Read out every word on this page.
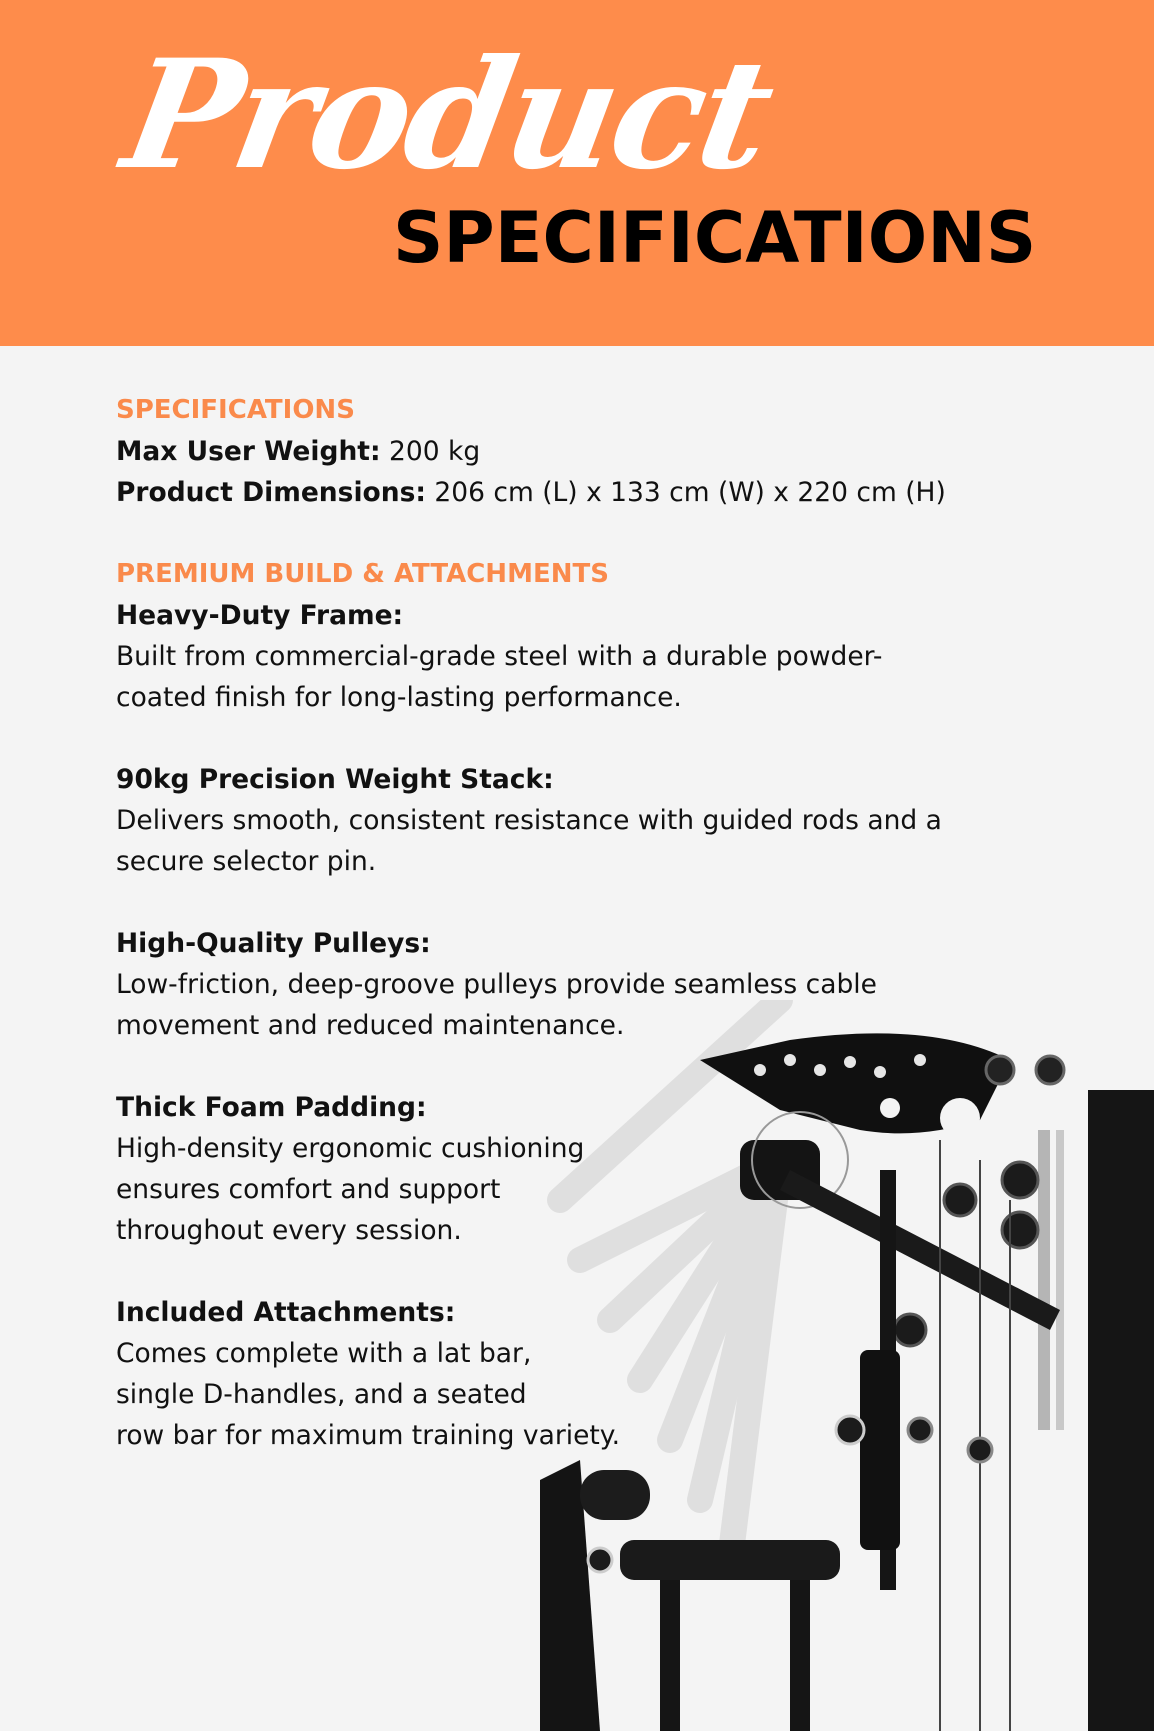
Product
SPECIFICATIONS

SPECIFICATIONS

Max User Weight: 200 kg

Product Dimensions: 206 cm (L) x 133 cm (W) x 220 cm (H)

PREMIUM BUILD & ATTACHMENTS

Heavy-Duty Frame:

Built from commercial-grade steel with a durable powder-

coated finish for long-lasting performance.

90kg Precision Weight Stack:

Delivers smooth, consistent resistance with guided rods and a

secure selector pin.

High-Quality Pulleys:

Low-friction, deep-groove pulleys provide seamless cable

movement and reduced maintenance.

Thick Foam Padding:

High-density ergonomic cushioning

ensures comfort and support

throughout every session.

Included Attachments:

Comes complete with a lat bar,

single D-handles, and a seated

row bar for maximum training variety.
